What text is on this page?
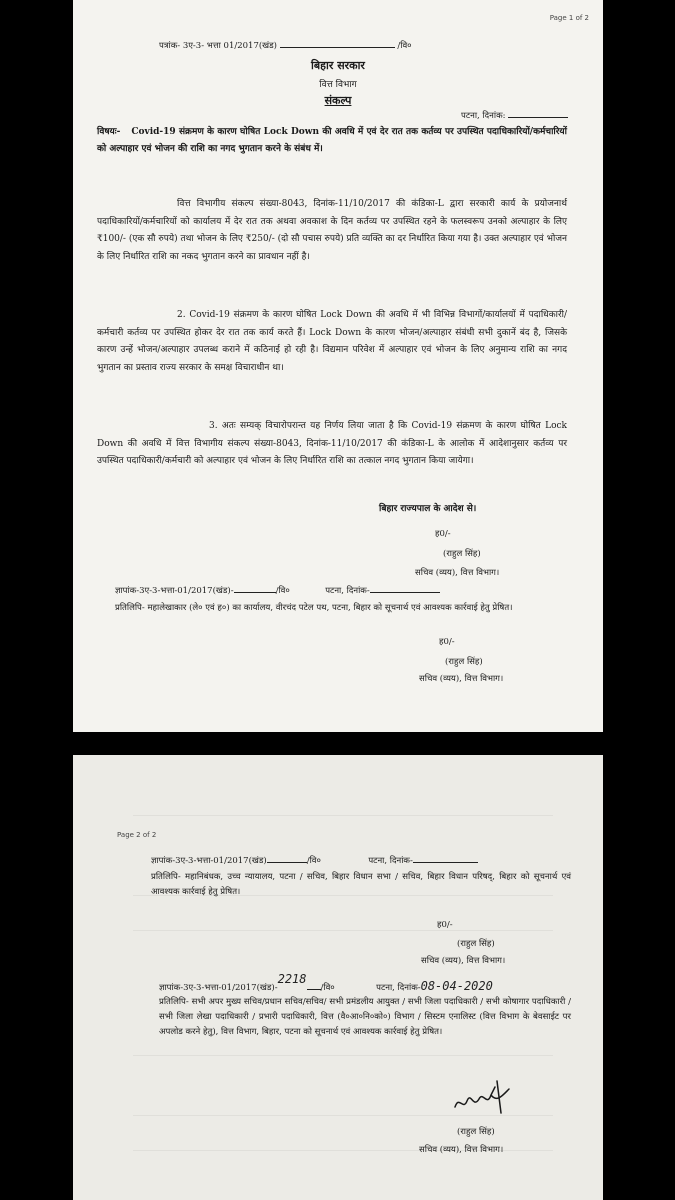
Page 1 of 2
पत्रांक- 3ए-3- भत्ता 01/2017(खंड)	/वि०
बिहार सरकार
वित्त विभाग
संकल्प
पटना, दिनांक:
विषयः- Covid-19 संक्रमण के कारण घोषित Lock Down की अवधि में एवं देर रात तक कर्तव्य पर उपस्थित पदाधिकारियों/कर्मचारियों को अल्पाहार एवं भोजन की राशि का नगद भुगतान करने के संबंध में।
वित्त विभागीय संकल्प संख्या-8043, दिनांक-11/10/2017 की कंडिका-L द्वारा सरकारी कार्य के प्रयोजनार्थ पदाधिकारियों/कर्मचारियों को कार्यालय में देर रात तक अथवा अवकाश के दिन कर्तव्य पर उपस्थित रहने के फलस्वरूप उनको अल्पाहार के लिए ₹100/- (एक सौ रुपये) तथा भोजन के लिए ₹250/- (दो सौ पचास रुपये) प्रति व्यक्ति का दर निर्धारित किया गया है। उक्त अल्पाहार एवं भोजन के लिए निर्धारित राशि का नकद भुगतान करने का प्रावधान नहीं है।
2. Covid-19 संक्रमण के कारण घोषित Lock Down की अवधि में भी विभिन्न विभागों/कार्यालयों में पदाधिकारी/कर्मचारी कर्तव्य पर उपस्थित होकर देर रात तक कार्य करते हैं। Lock Down के कारण भोजन/अल्पाहार संबंधी सभी दुकानें बंद है, जिसके कारण उन्हें भोजन/अल्पाहार उपलब्ध कराने में कठिनाई हो रही है। विद्यमान परिवेश में अल्पाहार एवं भोजन के लिए अनुमान्य राशि का नगद भुगतान का प्रस्ताव राज्य सरकार के समक्ष विचाराधीन था।
3. अतः सम्यक् विचारोपरान्त यह निर्णय लिया जाता है कि Covid-19 संक्रमण के कारण घोषित Lock Down की अवधि में वित्त विभागीय संकल्प संख्या-8043, दिनांक-11/10/2017 की कंडिका-L के आलोक में आदेशानुसार कर्तव्य पर उपस्थित पदाधिकारी/कर्मचारी को अल्पाहार एवं भोजन के लिए निर्धारित राशि का तत्काल नगद भुगतान किया जायेगा।
बिहार राज्यपाल के आदेश से।
ह0/-
(राहुल सिंह)
सचिव (व्यय), वित्त विभाग।
ज्ञापांक-3ए-3-भत्ता-01/2017(खंड)-	/वि०	पटना, दिनांक-
प्रतिलिपि- महालेखाकार (ले० एवं ह०) का कार्यालय, वीरचंद पटेल पथ, पटना, बिहार को सूचनार्थ एवं आवश्यक कार्रवाई हेतु प्रेषित।
ह0/-
(राहुल सिंह)
सचिव (व्यय), वित्त विभाग।
Page 2 of 2
ज्ञापांक-3ए-3-भत्ता-01/2017(खंड)	/वि०	पटना, दिनांक-
प्रतिलिपि- महानिबंधक, उच्च न्यायालय, पटना / सचिव, बिहार विधान सभा / सचिव, बिहार विधान परिषद्, बिहार को सूचनार्थ एवं आवश्यक कार्रवाई हेतु प्रेषित।
ह0/-
(राहुल सिंह)
सचिव (व्यय), वित्त विभाग।
ज्ञापांक-3ए-3-भत्ता-01/2017(खंड)-2218/वि०	पटना, दिनांक-08-04-2020
प्रतिलिपि- सभी अपर मुख्य सचिव/प्रधान सचिव/सचिव/ सभी प्रमंडलीय आयुक्त / सभी जिला पदाधिकारी / सभी कोषागार पदाधिकारी / सभी जिला लेखा पदाधिकारी / प्रभारी पदाधिकारी, वित्त (वै०आ०नि०को०) विभाग / सिस्टम एनालिस्ट (वित्त विभाग के बेवसाईट पर अपलोड करने हेतु), वित्त विभाग, बिहार, पटना को सूचनार्थ एवं आवश्यक कार्रवाई हेतु प्रेषित।
(राहुल सिंह)
सचिव (व्यय), वित्त विभाग।
